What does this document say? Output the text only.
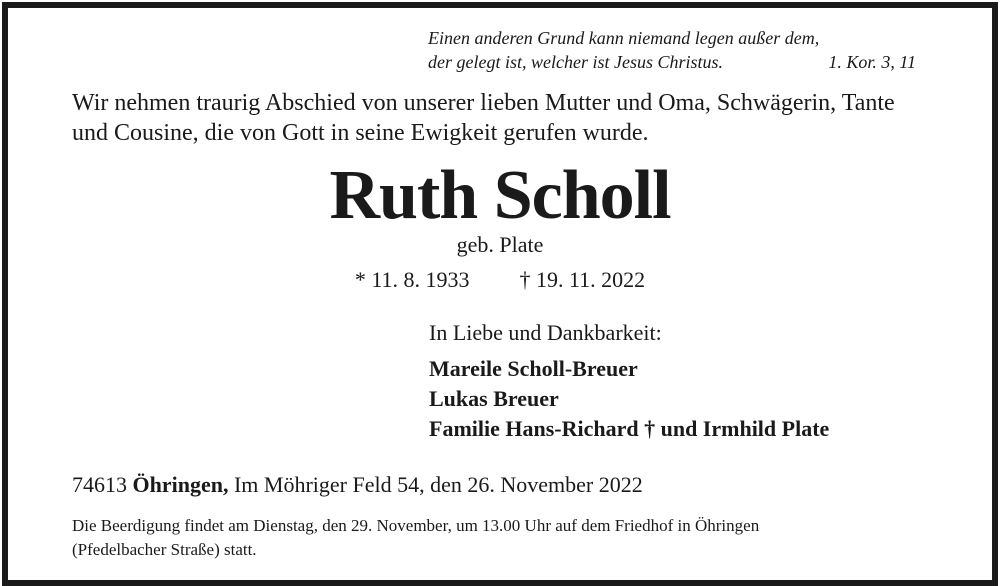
Einen anderen Grund kann niemand legen außer dem,
der gelegt ist, welcher ist Jesus Christus.	1. Kor. 3, 11
Wir nehmen traurig Abschied von unserer lieben Mutter und Oma, Schwägerin, Tante
und Cousine, die von Gott in seine Ewigkeit gerufen wurde.
Ruth Scholl
geb. Plate
* 11. 8. 1933 † 19. 11. 2022
In Liebe und Dankbarkeit:
Mareile Scholl-Breuer
Lukas Breuer
Familie Hans-Richard † und Irmhild Plate
74613 Öhringen, Im Möhriger Feld 54, den 26. November 2022
Die Beerdigung findet am Dienstag, den 29. November, um 13.00 Uhr auf dem Friedhof in Öhringen
(Pfedelbacher Straße) statt.
